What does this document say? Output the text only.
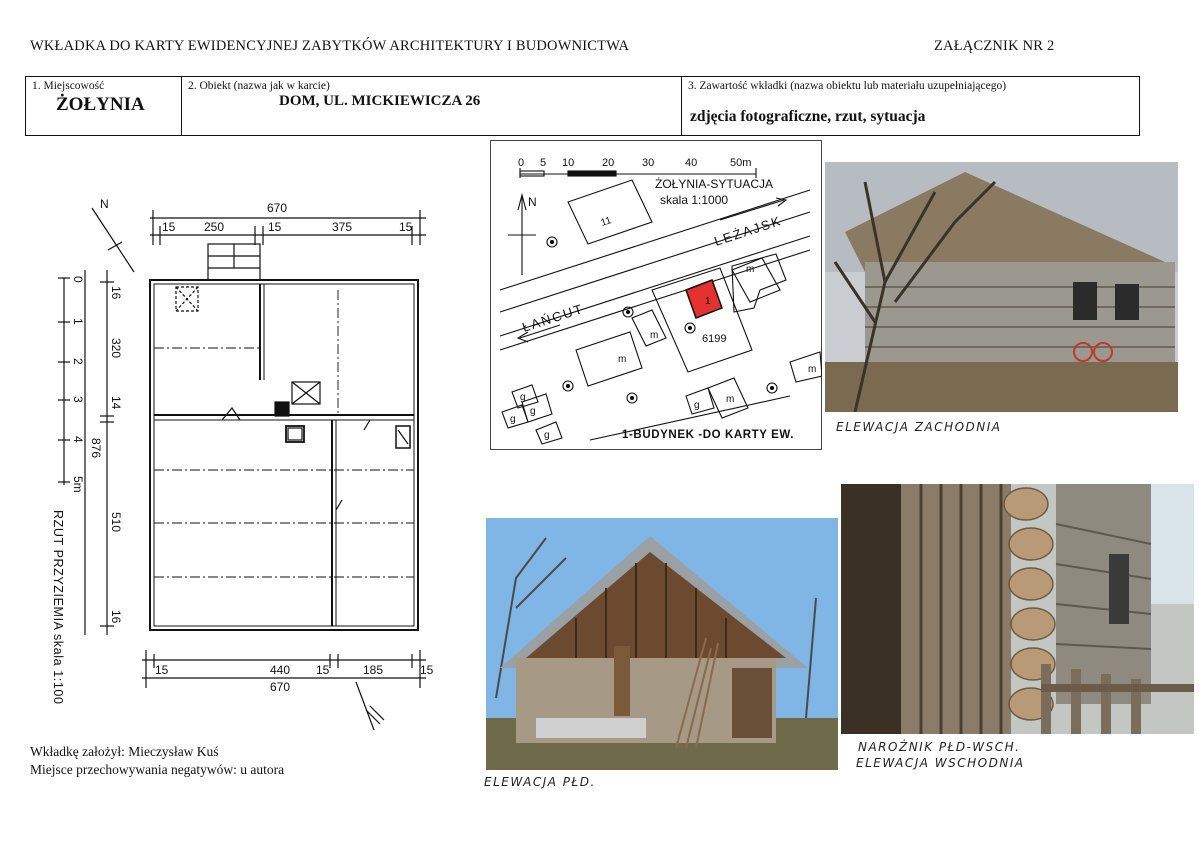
WKŁADKA DO KARTY EWIDENCYJNEJ ZABYTKÓW ARCHITEKTURY I BUDOWNICTWA	ZAŁĄCZNIK NR 2
1. Miejscowość
ŻOŁYNIA
2. Obiekt (nazwa jak w karcie)
DOM, UL. MICKIEWICZA 26
3. Zawartość wkładki (nazwa obiektu lub materiału uzupełniającego)
zdjęcia fotograficzne, rzut, sytuacja
N	670
15 250	15	375	15
15	440 15	185	15
670
16
320
14
876
510
16
0
1
2
3
4
5m
RZUT PRZYZIEMIA skala 1:100
0 5 10	20	30	40	50m
ŻOŁYNIA-SYTUACJA
skala 1:1000
N
LEŻAJSK
ŁAŃCUT
6199
11
m
m
m
m
m
g
g
g
g
g
1
1-BUDYNEK -DO KARTY EW.
ELEWACJA ZACHODNIA
ELEWACJA PŁD.
NAROŻNIK PŁD-WSCH.
ELEWACJA WSCHODNIA
Wkładkę założył: Mieczysław Kuś
Miejsce przechowywania negatywów: u autora
